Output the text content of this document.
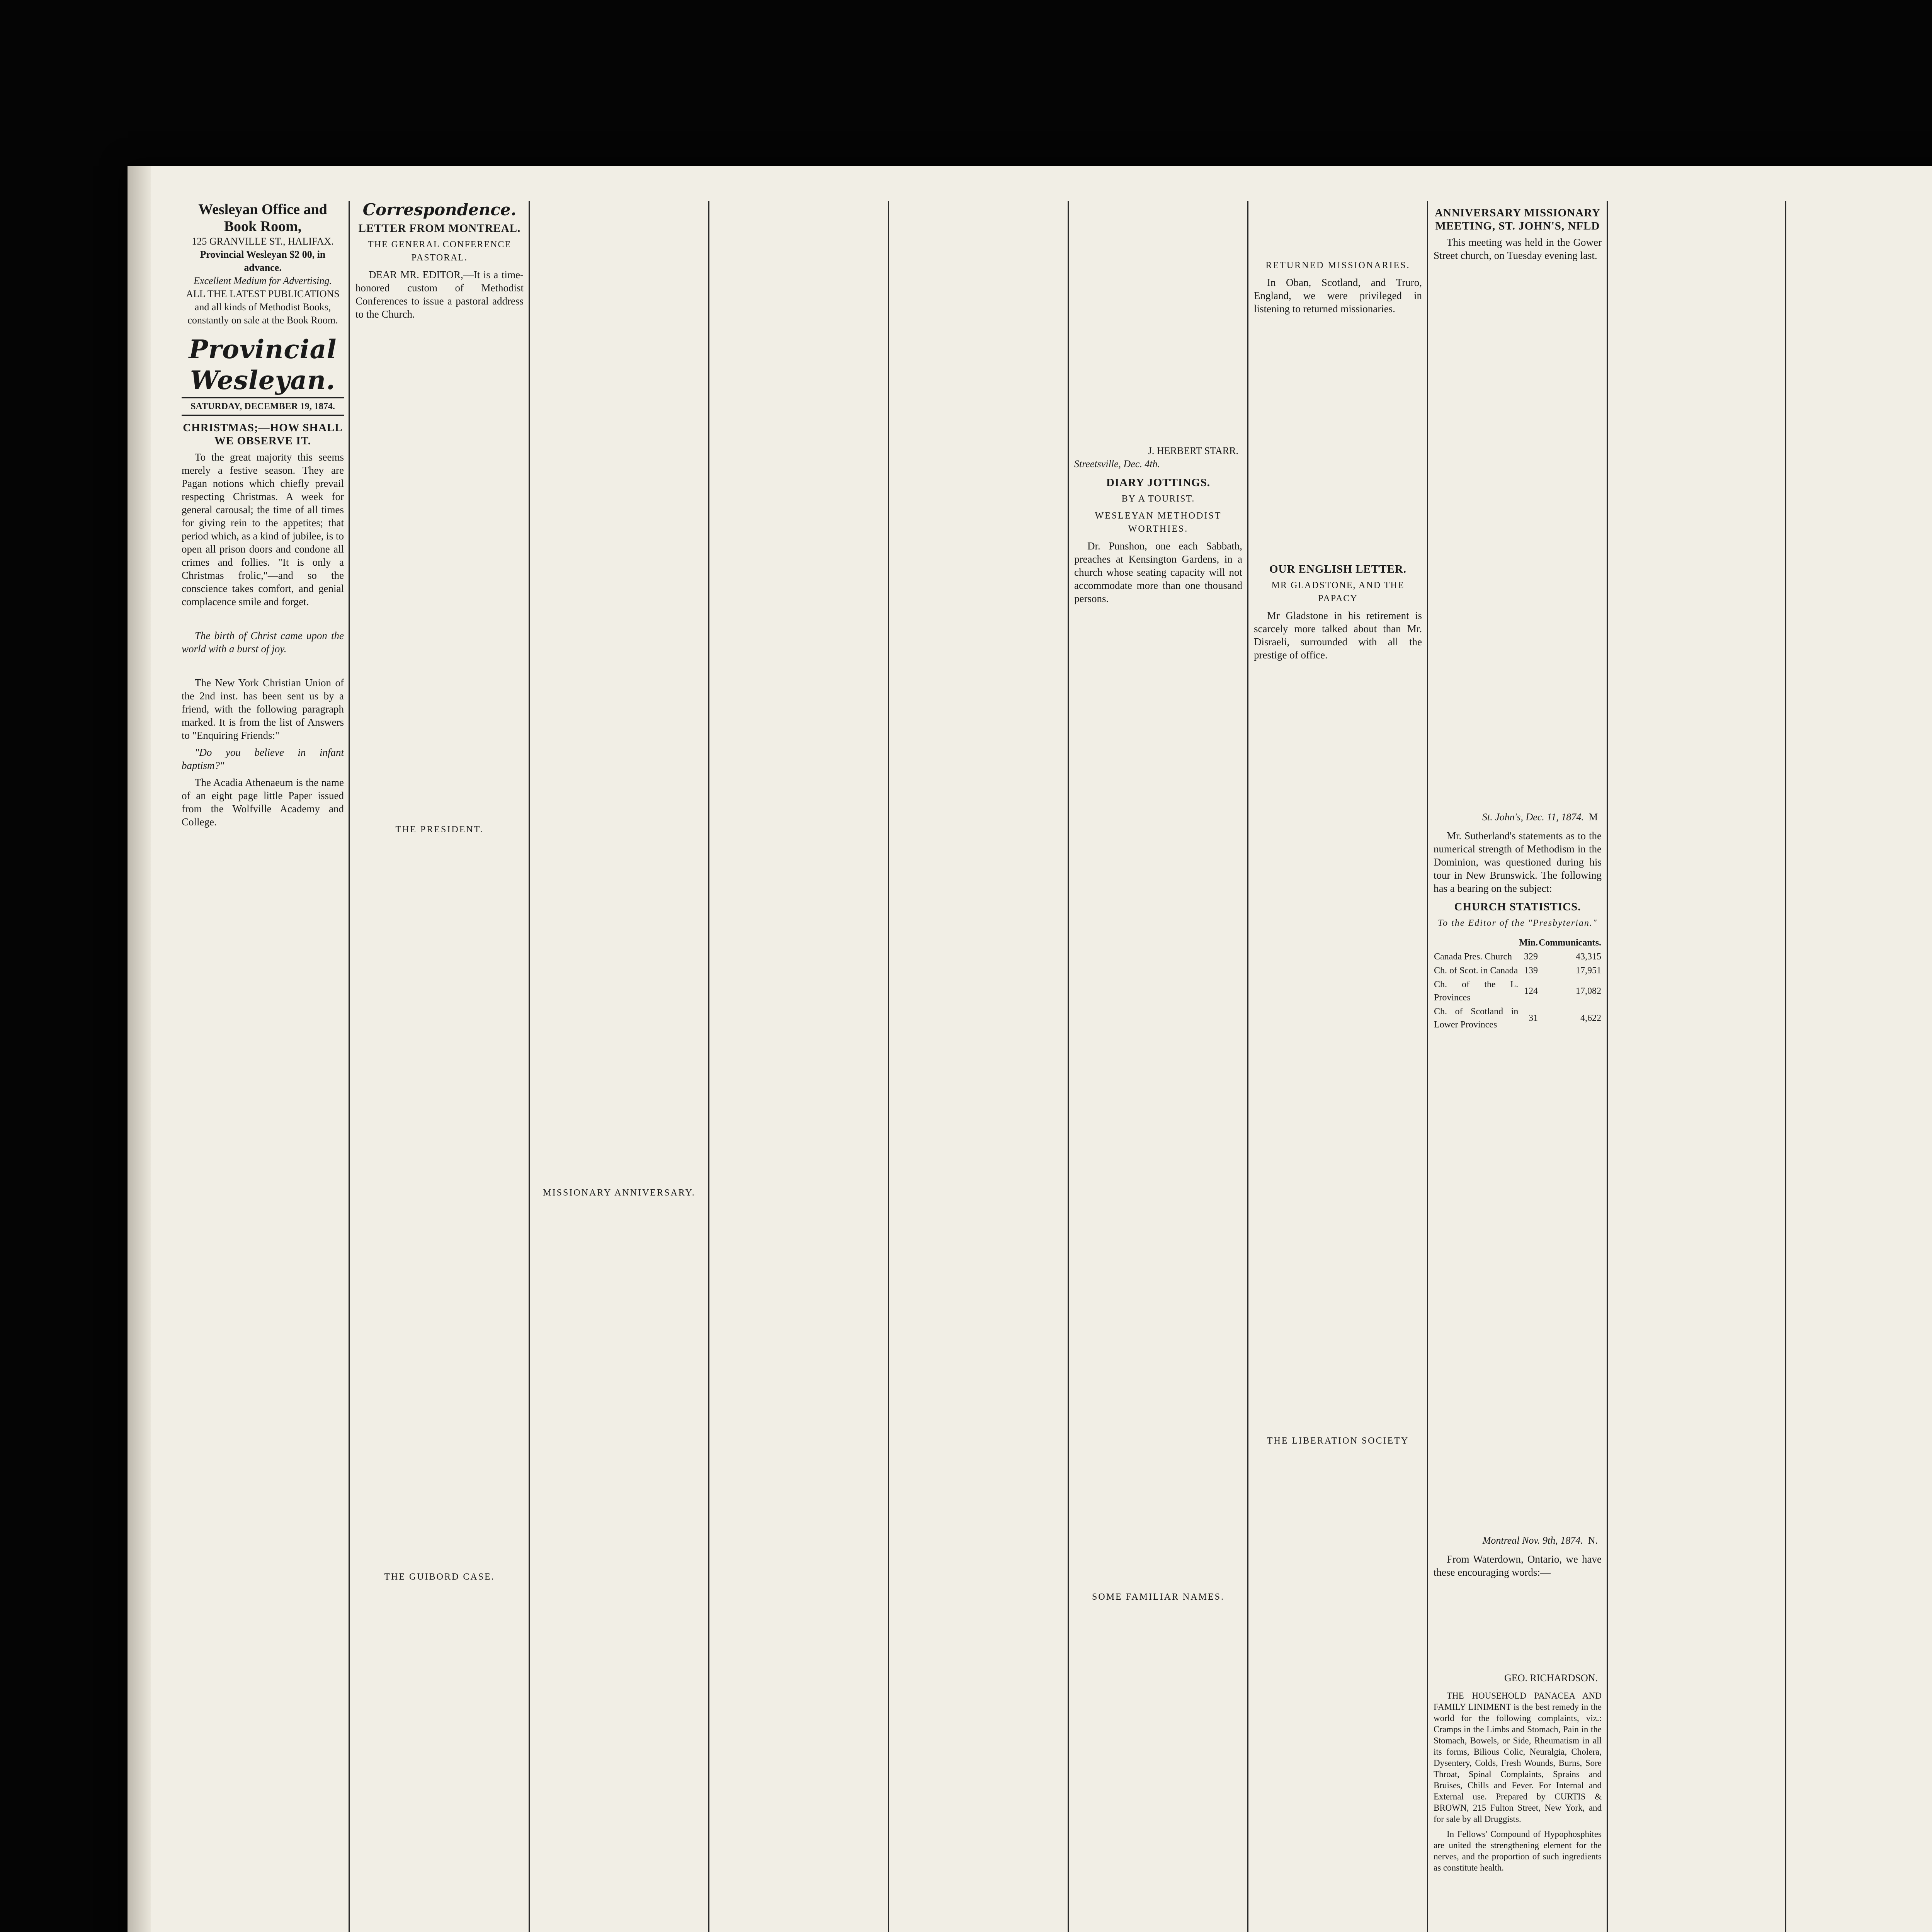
Wesleyan Office and Book Room,
125 GRANVILLE ST., HALIFAX.
Provincial Wesleyan $2 00, in advance.
Excellent Medium for Advertising.
ALL THE LATEST PUBLICATIONS and all kinds of Methodist Books, constantly on sale at the Book Room.
Provincial Wesleyan.
SATURDAY, DECEMBER 19, 1874.
CHRISTMAS;—HOW SHALL WE OBSERVE IT.

To the great majority this seems merely a festive season. They are Pagan notions which chiefly prevail respecting Christmas. A week for general carousal; the time of all times for giving rein to the appetites; that period which, as a kind of jubilee, is to open all prison doors and condone all crimes and follies. "It is only a Christmas frolic,"—and so the conscience takes comfort, and genial complacence smile and forget.

The birth of Christ came upon the world with a burst of joy.

The New York Christian Union of the 2nd inst. has been sent us by a friend, with the following paragraph marked. It is from the list of Answers to "Enquiring Friends:"

"Do you believe in infant baptism?"

The Acadia Athenaeum is the name of an eight page little Paper issued from the Wolfville Academy and College.

Correspondence.
LETTER FROM MONTREAL.
THE GENERAL CONFERENCE PASTORAL.

DEAR MR. EDITOR,—It is a time-honored custom of Methodist Conferences to issue a pastoral address to the Church.

THE PRESIDENT.
THE GUIBORD CASE.
MISSIONARY ANNIVERSARY.

J. HERBERT STARR.
Streetsville, Dec. 4th.
DIARY JOTTINGS.
BY A TOURIST.
WESLEYAN METHODIST WORTHIES.

Dr. Punshon, one each Sabbath, preaches at Kensington Gardens, in a church whose seating capacity will not accommodate more than one thousand persons.

SOME FAMILIAR NAMES.
RETURNED MISSIONARIES.

In Oban, Scotland, and Truro, England, we were privileged in listening to returned missionaries.

OUR ENGLISH LETTER.
MR GLADSTONE, AND THE PAPACY

Mr Gladstone in his retirement is scarcely more talked about than Mr. Disraeli, surrounded with all the prestige of office.

THE LIBERATION SOCIETY

ANNIVERSARY MISSIONARY MEETING, ST. JOHN'S, NFLD

This meeting was held in the Gower Street church, on Tuesday evening last.

St. John's, Dec. 11, 1874. M

Mr. Sutherland's statements as to the numerical strength of Methodism in the Dominion, was questioned during his tour in New Brunswick. The following has a bearing on the subject:

CHURCH STATISTICS.
To the Editor of the "Presbyterian."
	Min.	Communicants.
Canada Pres. Church	329	43,315
Ch. of Scot. in Canada	139	17,951
Ch. of the L. Provinces	124	17,082
Ch. of Scotland in Lower Provinces	31	4,622
Montreal Nov. 9th, 1874. N.

From Waterdown, Ontario, we have these encouraging words:—

GEO. RICHARDSON.

THE HOUSEHOLD PANACEA AND FAMILY LINIMENT is the best remedy in the world for the following complaints, viz.: Cramps in the Limbs and Stomach, Pain in the Stomach, Bowels, or Side, Rheumatism in all its forms, Bilious Colic, Neuralgia, Cholera, Dysentery, Colds, Fresh Wounds, Burns, Sore Throat, Spinal Complaints, Sprains and Bruises, Chills and Fever. For Internal and External use. Prepared by CURTIS & BROWN, 215 Fulton Street, New York, and for sale by all Druggists.

In Fellows' Compound of Hypophosphites are united the strengthening element for the nerves, and the proportion of such ingredients as constitute health.
